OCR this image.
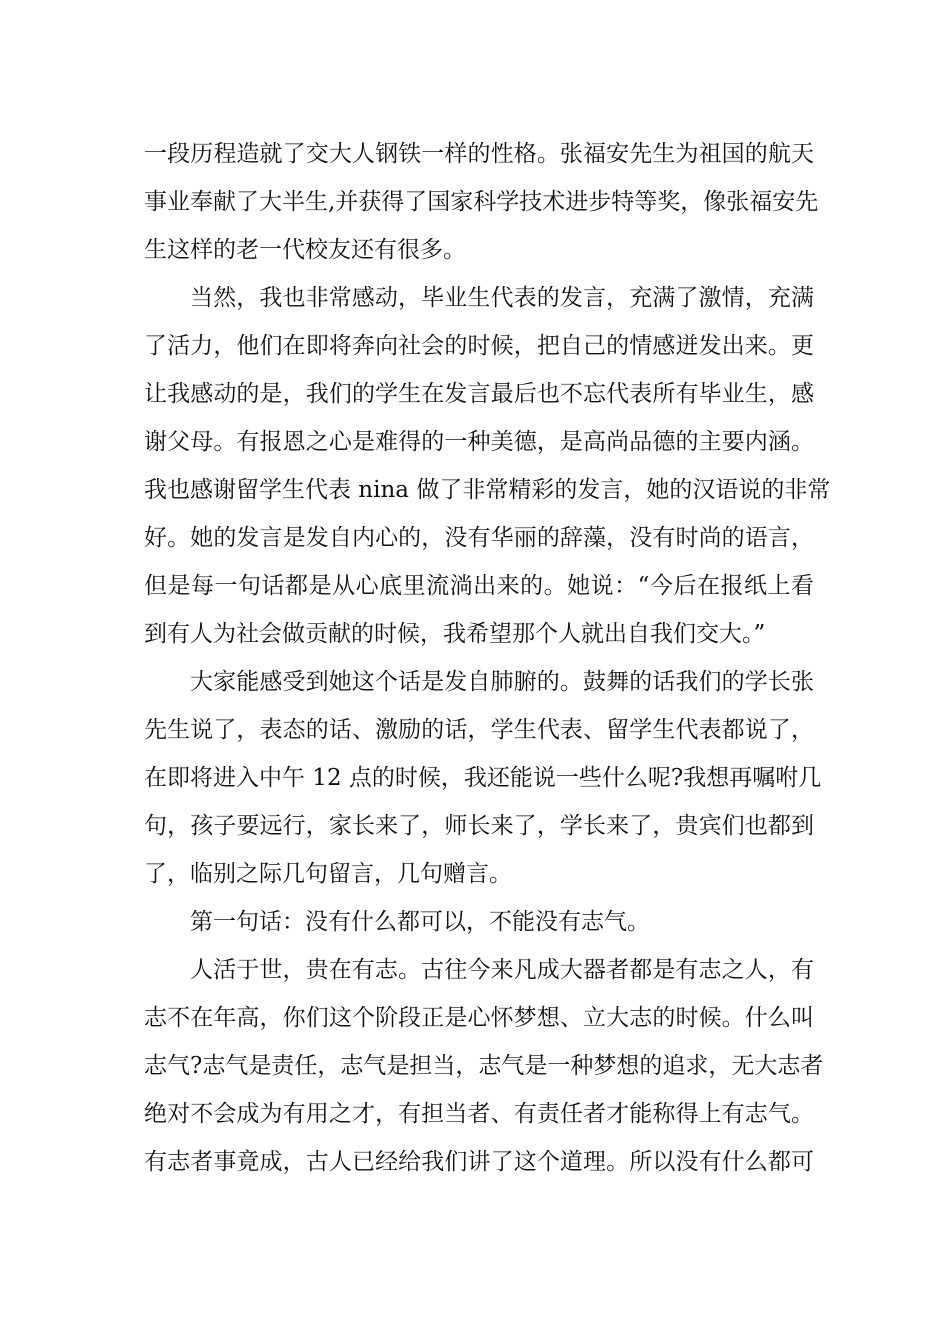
一段历程造就了交大人钢铁一样的性格。张福安先生为祖国的航天
事业奉献了大半生,并获得了国家科学技术进步特等奖，像张福安先
生这样的老一代校友还有很多。
当然，我也非常感动，毕业生代表的发言，充满了激情，充满
了活力，他们在即将奔向社会的时候，把自己的情感迸发出来。更
让我感动的是，我们的学生在发言最后也不忘代表所有毕业生，感
谢父母。有报恩之心是难得的一种美德，是高尚品德的主要内涵。
我也感谢留学生代表 nina 做了非常精彩的发言，她的汉语说的非常
好。她的发言是发自内心的，没有华丽的辞藻，没有时尚的语言，
但是每一句话都是从心底里流淌出来的。她说：“今后在报纸上看
到有人为社会做贡献的时候，我希望那个人就出自我们交大。”
大家能感受到她这个话是发自肺腑的。鼓舞的话我们的学长张
先生说了，表态的话、激励的话，学生代表、留学生代表都说了，
在即将进入中午 12 点的时候，我还能说一些什么呢?我想再嘱咐几
句，孩子要远行，家长来了，师长来了，学长来了，贵宾们也都到
了，临别之际几句留言，几句赠言。
第一句话：没有什么都可以，不能没有志气。
人活于世，贵在有志。古往今来凡成大器者都是有志之人，有
志不在年高，你们这个阶段正是心怀梦想、立大志的时候。什么叫
志气?志气是责任，志气是担当，志气是一种梦想的追求，无大志者
绝对不会成为有用之才，有担当者、有责任者才能称得上有志气。
有志者事竟成，古人已经给我们讲了这个道理。所以没有什么都可
